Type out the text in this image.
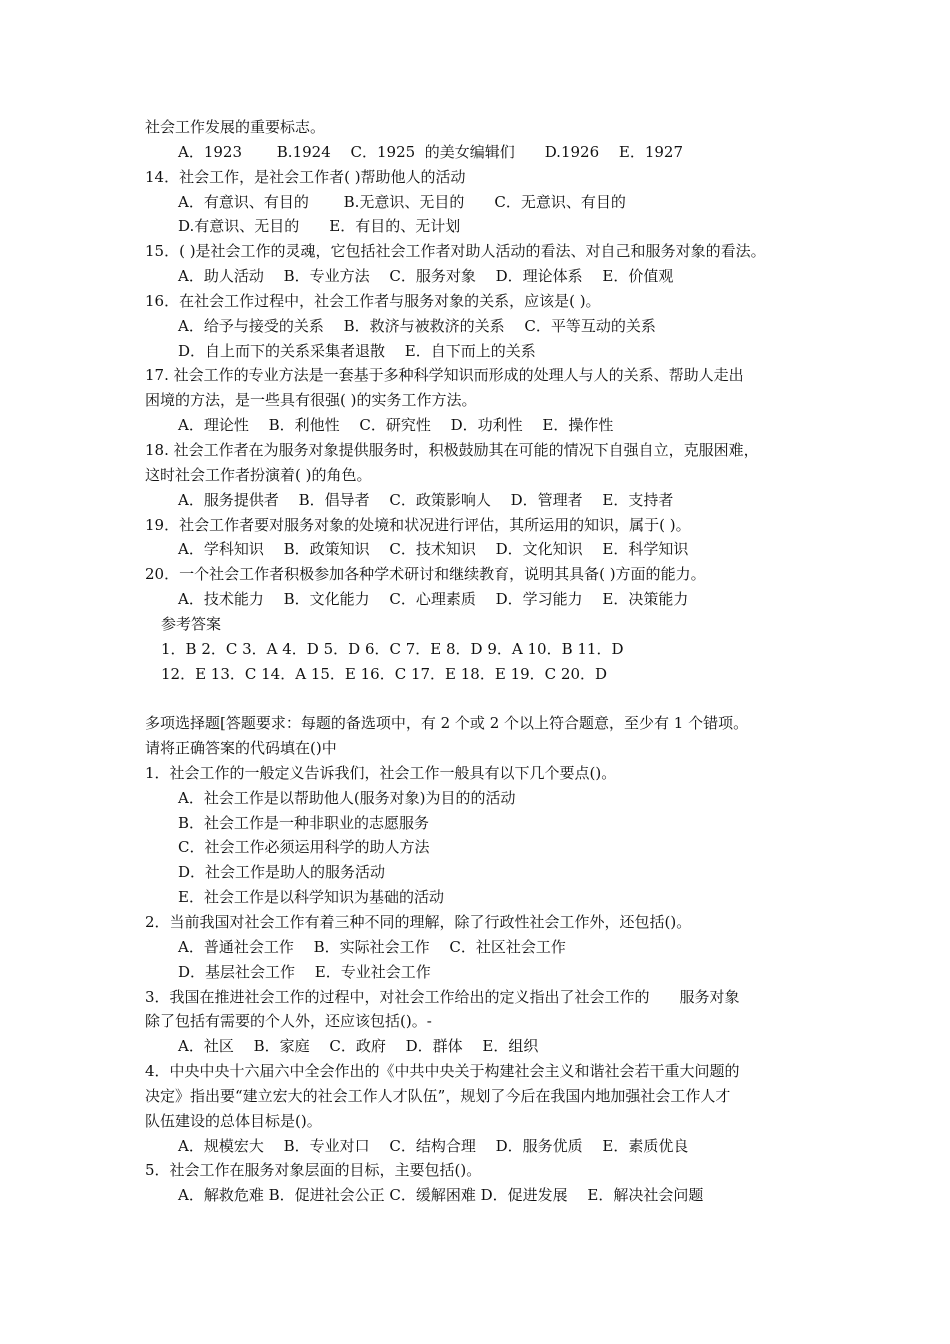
社会工作发展的重要标志。
A．1923　　 B.1924　 C．1925  的美女编辑们　　D.1926　 E．1927
14．社会工作，是社会工作者( )帮助他人的活动
A．有意识、有目的　　 B.无意识、无目的　　C．无意识、有目的
D.有意识、无目的　　E．有目的、无计划
15．( )是社会工作的灵魂，它包括社会工作者对助人活动的看法、对自己和服务对象的看法。
A．助人活动　 B．专业方法　 C．服务对象　 D．理论体系　 E．价值观
16．在社会工作过程中，社会工作者与服务对象的关系，应该是( )。
A．给予与接受的关系　 B．救济与被救济的关系　 C．平等互动的关系
D．自上而下的关系采集者退散　 E．自下而上的关系
17. 社会工作的专业方法是一套基于多种科学知识而形成的处理人与人的关系、帮助人走出
困境的方法，是一些具有很强( )的实务工作方法。
A．理论性　 B．利他性　 C．研究性　 D．功利性　 E．操作性
18. 社会工作者在为服务对象提供服务时，积极鼓励其在可能的情况下自强自立，克服困难，
这时社会工作者扮演着( )的角色。
A．服务提供者　 B．倡导者　 C．政策影响人　 D．管理者　 E．支持者
19．社会工作者要对服务对象的处境和状况进行评估，其所运用的知识，属于( )。
A．学科知识　 B．政策知识　 C．技术知识　 D．文化知识　 E．科学知识
20．一个社会工作者积极参加各种学术研讨和继续教育，说明其具备( )方面的能力。
A．技术能力　 B．文化能力　 C．心理素质　 D．学习能力　 E．决策能力
参考答案
1．B 2．C 3．A 4．D 5．D 6．C 7．E 8．D 9．A 10．B 11．D
12．E 13．C 14．A 15．E 16．C 17．E 18．E 19．C 20．D
多项选择题[答题要求：每题的备选项中，有 2 个或 2 个以上符合题意，至少有 1 个错项。
请将正确答案的代码填在()中
1．社会工作的一般定义告诉我们，社会工作一般具有以下几个要点()。
A．社会工作是以帮助他人(服务对象)为目的的活动
B．社会工作是一种非职业的志愿服务
C．社会工作必须运用科学的助人方法
D．社会工作是助人的服务活动
E．社会工作是以科学知识为基础的活动
2．当前我国对社会工作有着三种不同的理解，除了行政性社会工作外，还包括()。
A．普通社会工作　 B．实际社会工作　 C．社区社会工作
D．基层社会工作　 E．专业社会工作
3．我国在推进社会工作的过程中，对社会工作给出的定义指出了社会工作的　　服务对象
除了包括有需要的个人外，还应该包括()。-
A．社区　 B．家庭　 C．政府　 D．群体　 E．组织
4．中央中央十六届六中全会作出的《中共中央关于构建社会主义和谐社会若干重大问题的
决定》指出要“建立宏大的社会工作人才队伍”，规划了今后在我国内地加强社会工作人才
队伍建设的总体目标是()。
A．规模宏大　 B．专业对口　 C．结构合理　 D．服务优质　 E．素质优良
5．社会工作在服务对象层面的目标，主要包括()。
A．解救危难 B．促进社会公正 C．缓解困难 D．促进发展　 E．解决社会问题
